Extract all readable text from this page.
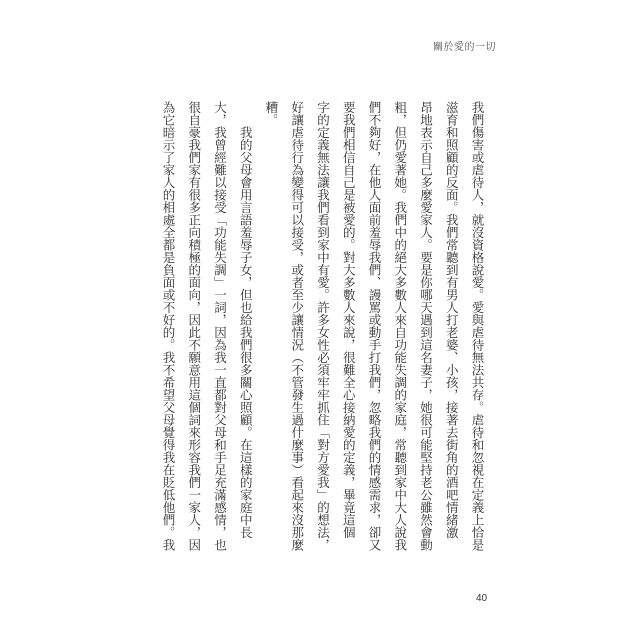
關於愛的一切
我們傷害或虐待人，就沒資格說愛。愛與虐待無法共存。虐待和忽視在定義上恰是
滋育和照顧的反面。我們常聽到有男人打老婆、小孩，接著去街角的酒吧情緒激
昂地表示自己多麼愛家人。要是你哪天遇到這名妻子，她很可能堅持老公雖然會動
粗，但仍愛著她。我們中的絕大多數人來自功能失調的家庭，常聽到家中大人說我
們不夠好，在他人面前羞辱我們、謾罵或動手打我們，忽略我們的情感需求，卻又
要我們相信自己是被愛的。對大多數人來說，很難全心接納愛的定義，畢竟這個
字的定義無法讓我們看到家中有愛。許多女性必須牢牢抓住「對方愛我」的想法，
好讓虐待行為變得可以接受，或者至少讓情況（不管發生過什麼事）看起來沒那麼
糟。
　　我的父母會用言語羞辱子女，但也給我們很多關心照顧。在這樣的家庭中長
大，我曾經難以接受「功能失調」一詞，因為我一直都對父母和手足充滿感情，也
很自豪我們家有很多正向積極的面向，因此不願意用這個詞來形容我們一家人，因
為它暗示了家人的相處全都是負面或不好的。我不希望父母覺得我在貶低他們。我
40
